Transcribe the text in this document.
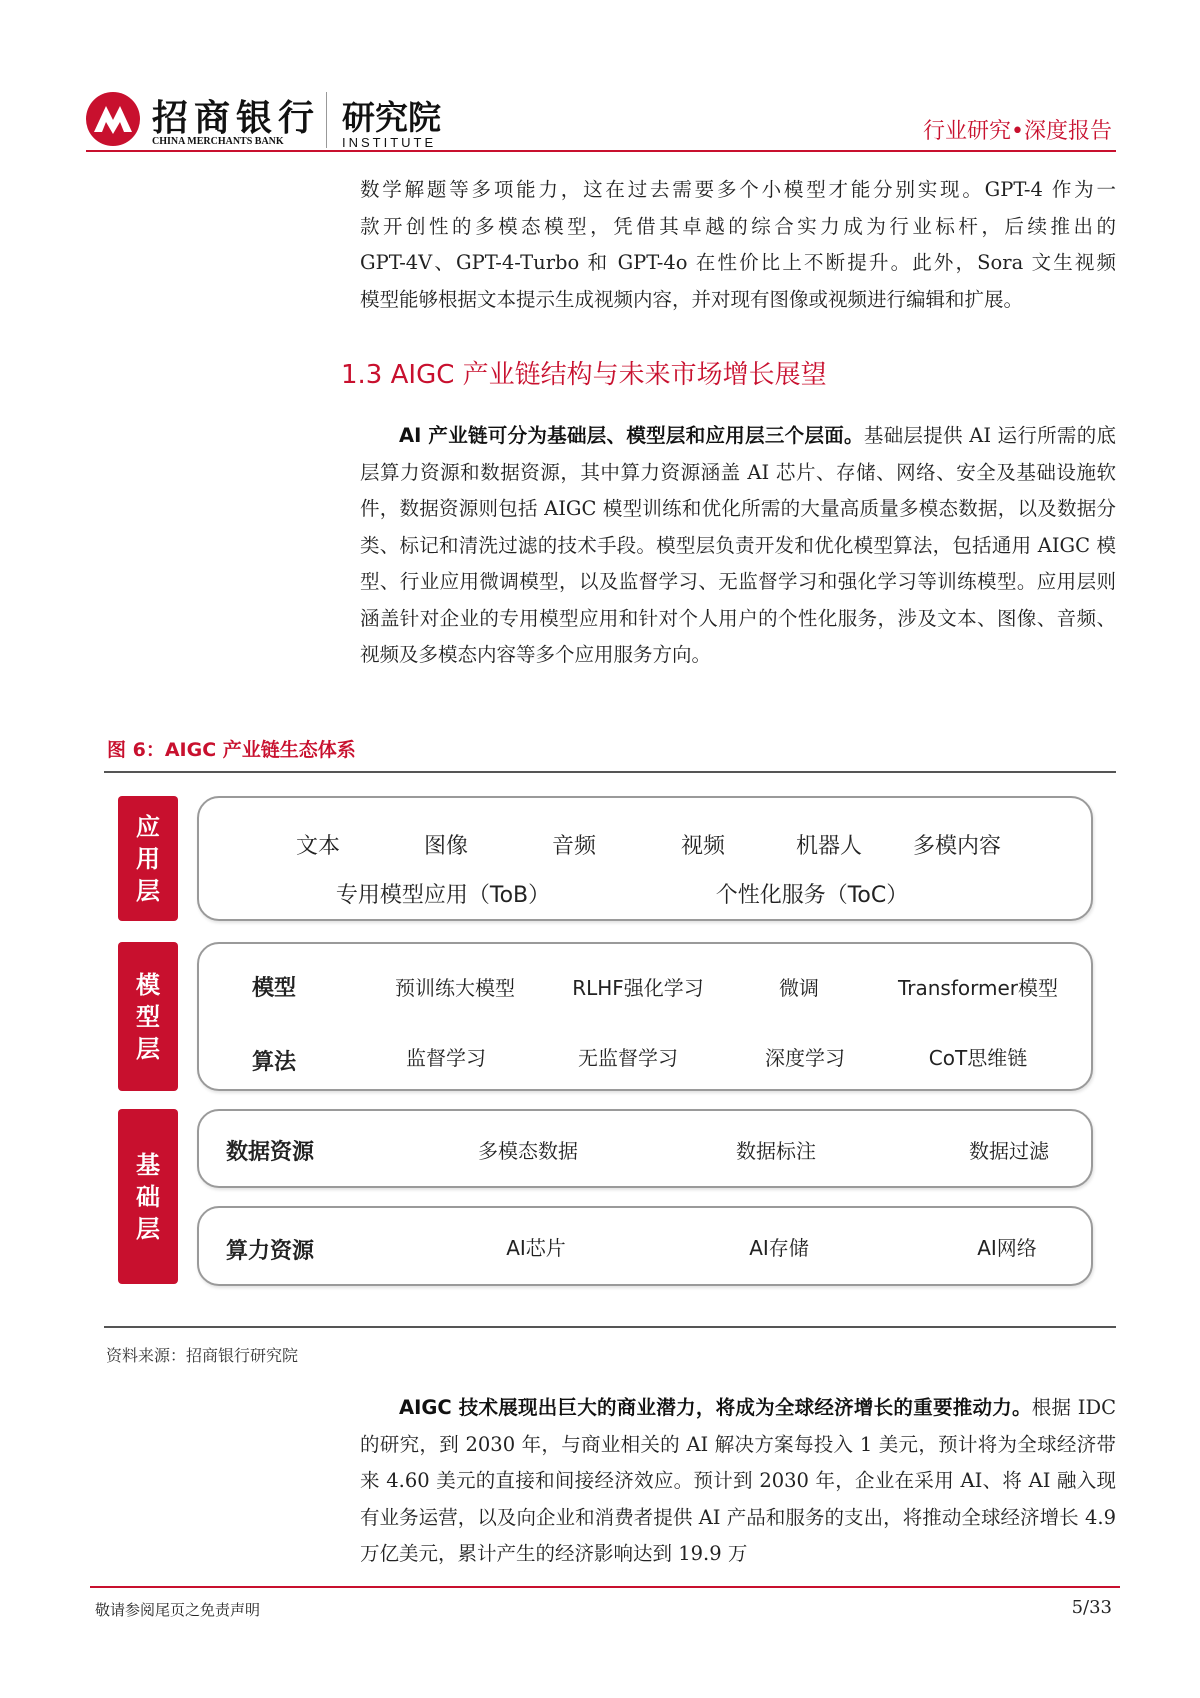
招商银行
CHINA MERCHANTS BANK
研究院
INSTITUTE	行业研究•深度报告
数学解题等多项能力，这在过去需要多个小模型才能分别实现。GPT-4 作为一
款开创性的多模态模型，凭借其卓越的综合实力成为行业标杆，后续推出的
GPT-4V、GPT-4-Turbo 和 GPT-4o 在性价比上不断提升。此外，Sora 文生视频
模型能够根据文本提示生成视频内容，并对现有图像或视频进行编辑和扩展。
1.3 AIGC 产业链结构与未来市场增长展望
AI 产业链可分为基础层、模型层和应用层三个层面。基础层提供 AI 运行所需的底层算力资源和数据资源，其中算力资源涵盖 AI 芯片、存储、网络、安全及基础设施软件，数据资源则包括 AIGC 模型训练和优化所需的大量高质量多模态数据，以及数据分类、标记和清洗过滤的技术手段。模型层负责开发和优化模型算法，包括通用 AIGC 模型、行业应用微调模型，以及监督学习、无监督学习和强化学习等训练模型。应用层则涵盖针对企业的专用模型应用和针对个人用户的个性化服务，涉及文本、图像、音频、视频及多模态内容等多个应用服务方向。
图 6：AIGC 产业链生态体系
应用层
文本	图像	音频	视频	机器人 多模内容
专用模型应用（ToB）	个性化服务（ToC）
模型层
模型	预训练大模型	RLHF强化学习	微调	Transformer模型
算法	监督学习	无监督学习	深度学习	CoT思维链
基础层
数据资源	多模态数据	数据标注	数据过滤
算力资源	AI芯片	AI存储	AI网络
资料来源：招商银行研究院
AIGC 技术展现出巨大的商业潜力，将成为全球经济增长的重要推动力。根据 IDC 的研究，到 2030 年，与商业相关的 AI 解决方案每投入 1 美元，预计将为全球经济带来 4.60 美元的直接和间接经济效应。预计到 2030 年，企业在采用 AI、将 AI 融入现有业务运营，以及向企业和消费者提供 AI 产品和服务的支出，将推动全球经济增长 4.9 万亿美元，累计产生的经济影响达到 19.9 万
敬请参阅尾页之免责声明	5/33
